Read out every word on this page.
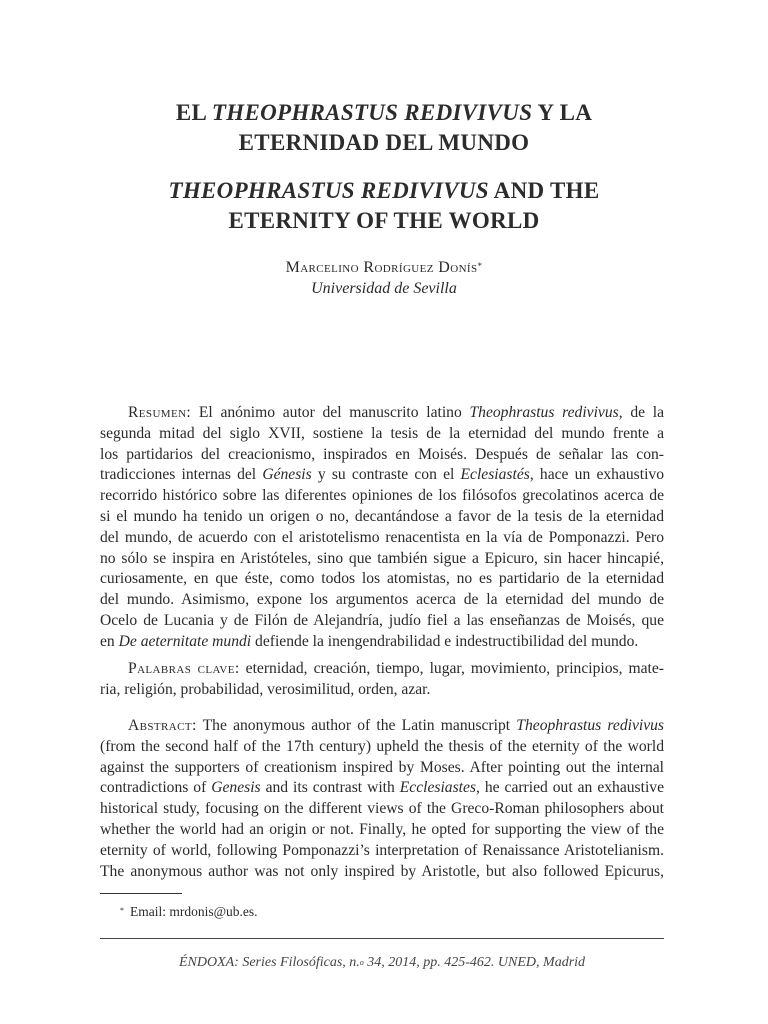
EL THEOPHRASTUS REDIVIVUS Y LA
ETERNIDAD DEL MUNDO
THEOPHRASTUS REDIVIVUS AND THE
ETERNITY OF THE WORLD
Marcelino Rodríguez Donís*
Universidad de Sevilla
Resumen: El anónimo autor del manuscrito latino Theophrastus redivivus, de la
segunda mitad del siglo XVII, sostiene la tesis de la eternidad del mundo frente a
los partidarios del creacionismo, inspirados en Moisés. Después de señalar las con-
tradicciones internas del Génesis y su contraste con el Eclesiastés, hace un exhaustivo
recorrido histórico sobre las diferentes opiniones de los filósofos grecolatinos acerca de
si el mundo ha tenido un origen o no, decantándose a favor de la tesis de la eternidad
del mundo, de acuerdo con el aristotelismo renacentista en la vía de Pomponazzi. Pero
no sólo se inspira en Aristóteles, sino que también sigue a Epicuro, sin hacer hincapié,
curiosamente, en que éste, como todos los atomistas, no es partidario de la eternidad
del mundo. Asimismo, expone los argumentos acerca de la eternidad del mundo de
Ocelo de Lucania y de Filón de Alejandría, judío fiel a las enseñanzas de Moisés, que
en De aeternitate mundi defiende la inengendrabilidad e indestructibilidad del mundo.
Palabras clave: eternidad, creación, tiempo, lugar, movimiento, principios, mate-
ria, religión, probabilidad, verosimilitud, orden, azar.
Abstract: The anonymous author of the Latin manuscript Theophrastus redivivus
(from the second half of the 17th century) upheld the thesis of the eternity of the world
against the supporters of creationism inspired by Moses. After pointing out the internal
contradictions of Genesis and its contrast with Ecclesiastes, he carried out an exhaustive
historical study, focusing on the different views of the Greco-Roman philosophers about
whether the world had an origin or not. Finally, he opted for supporting the view of the
eternity of world, following Pomponazzi’s interpretation of Renaissance Aristotelianism.
The anonymous author was not only inspired by Aristotle, but also followed Epicurus,
* Email: mrdonis@ub.es.
ÉNDOXA: Series Filosóficas, n.$^o$ 34, 2014, pp. 425-462. UNED, Madrid
